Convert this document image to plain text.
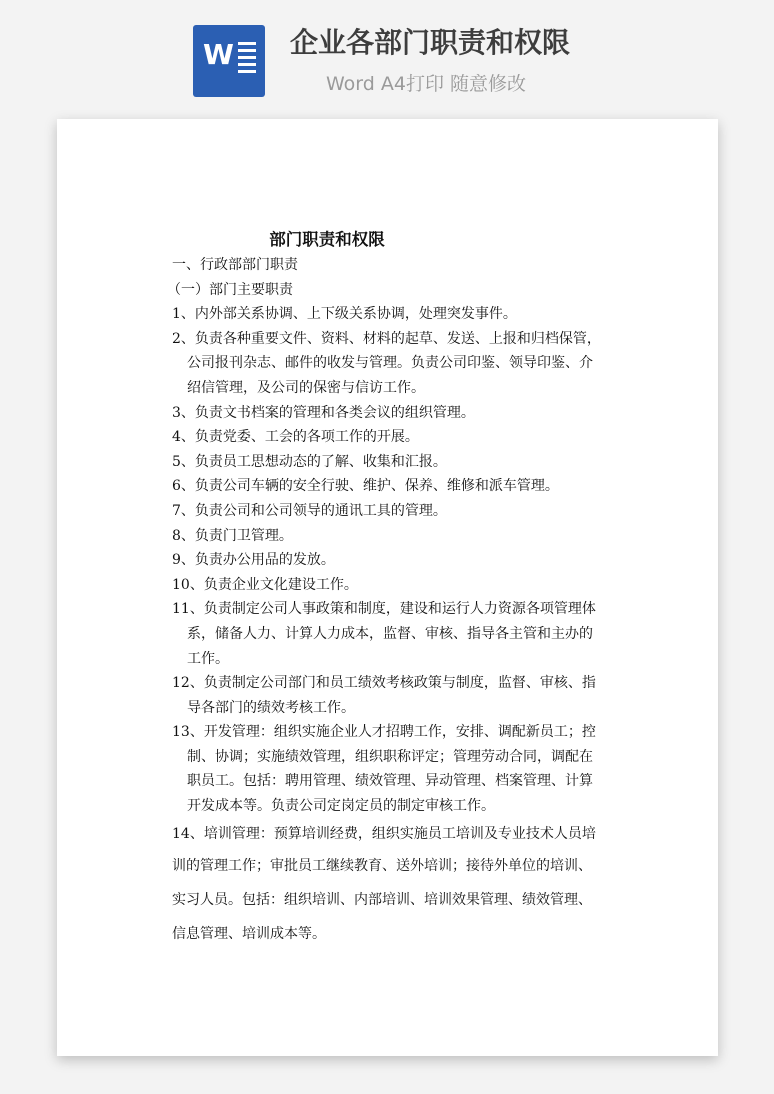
W 企业各部门职责和权限
Word A4打印 随意修改
部门职责和权限
一、行政部部门职责
（一）部门主要职责
1、内外部关系协调、上下级关系协调，处理突发事件。
2、负责各种重要文件、资料、材料的起草、发送、上报和归档保管，
公司报刊杂志、邮件的收发与管理。负责公司印鉴、领导印鉴、介
绍信管理，及公司的保密与信访工作。
3、负责文书档案的管理和各类会议的组织管理。
4、负责党委、工会的各项工作的开展。
5、负责员工思想动态的了解、收集和汇报。
6、负责公司车辆的安全行驶、维护、保养、维修和派车管理。
7、负责公司和公司领导的通讯工具的管理。
8、负责门卫管理。
9、负责办公用品的发放。
10、负责企业文化建设工作。
11、负责制定公司人事政策和制度，建设和运行人力资源各项管理体
系，储备人力、计算人力成本，监督、审核、指导各主管和主办的
工作。
12、负责制定公司部门和员工绩效考核政策与制度，监督、审核、指
导各部门的绩效考核工作。
13、开发管理：组织实施企业人才招聘工作，安排、调配新员工；控
制、协调；实施绩效管理，组织职称评定；管理劳动合同，调配在
职员工。包括：聘用管理、绩效管理、异动管理、档案管理、计算
开发成本等。负责公司定岗定员的制定审核工作。
14、培训管理：预算培训经费，组织实施员工培训及专业技术人员培
训的管理工作；审批员工继续教育、送外培训；接待外单位的培训、
实习人员。包括：组织培训、内部培训、培训效果管理、绩效管理、
信息管理、培训成本等。
